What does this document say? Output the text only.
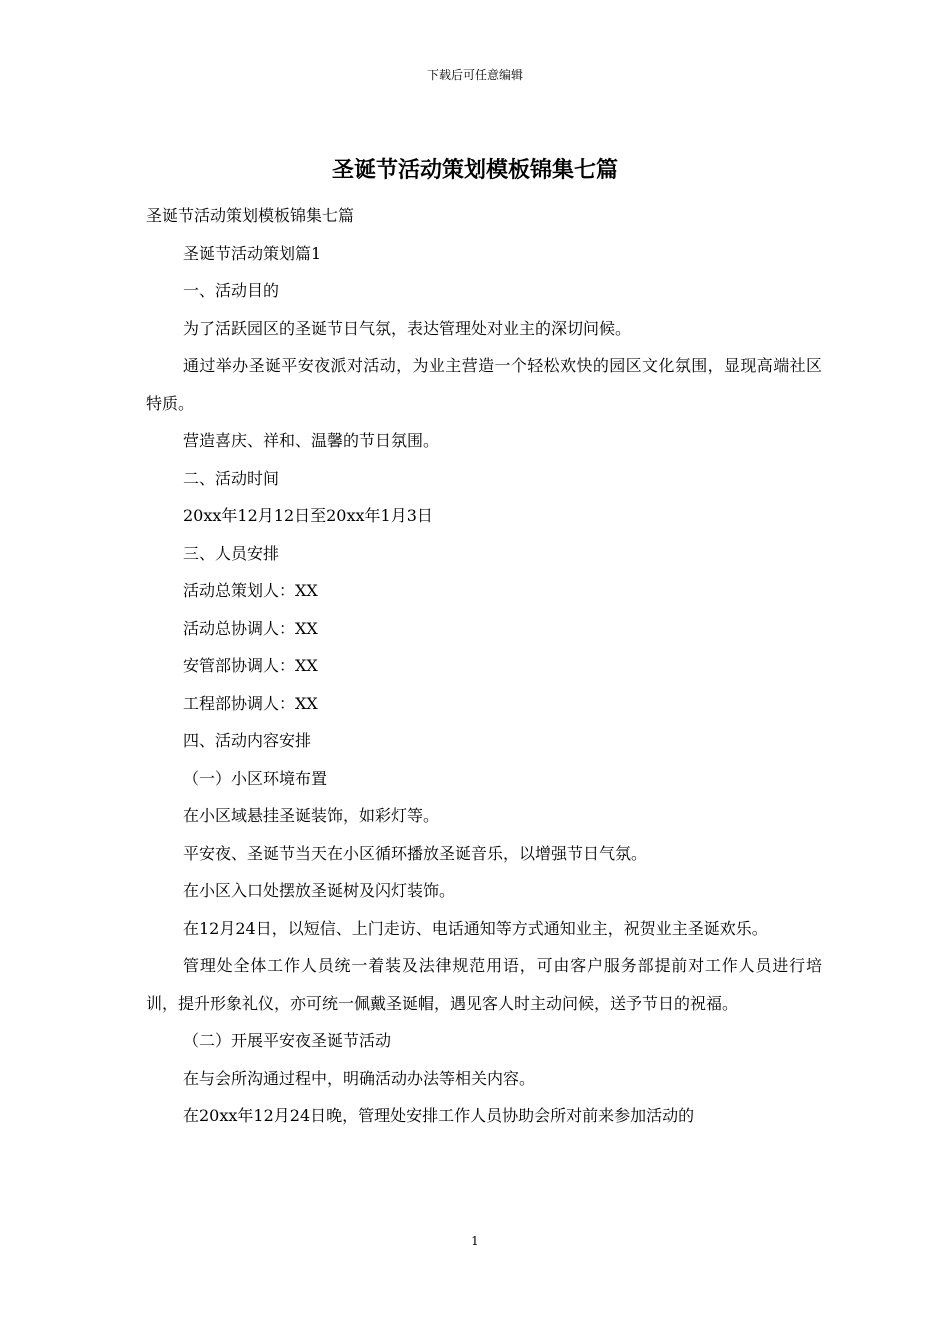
下载后可任意编辑
圣诞节活动策划模板锦集七篇

圣诞节活动策划模板锦集七篇

圣诞节活动策划篇1

一、活动目的

为了活跃园区的圣诞节日气氛，表达管理处对业主的深切问候。

通过举办圣诞平安夜派对活动，为业主营造一个轻松欢快的园区文化氛围，显现高端社区特质。

营造喜庆、祥和、温馨的节日氛围。

二、活动时间

20xx年12月12日至20xx年1月3日

三、人员安排

活动总策划人：XX

活动总协调人：XX

安管部协调人：XX

工程部协调人：XX

四、活动内容安排

（一）小区环境布置

在小区域悬挂圣诞装饰，如彩灯等。

平安夜、圣诞节当天在小区循环播放圣诞音乐，以增强节日气氛。

在小区入口处摆放圣诞树及闪灯装饰。

在12月24日，以短信、上门走访、电话通知等方式通知业主，祝贺业主圣诞欢乐。

管理处全体工作人员统一着装及法律规范用语，可由客户服务部提前对工作人员进行培训，提升形象礼仪，亦可统一佩戴圣诞帽，遇见客人时主动问候，送予节日的祝福。

（二）开展平安夜圣诞节活动

在与会所沟通过程中，明确活动办法等相关内容。

在20xx年12月24日晚，管理处安排工作人员协助会所对前来参加活动的

1
